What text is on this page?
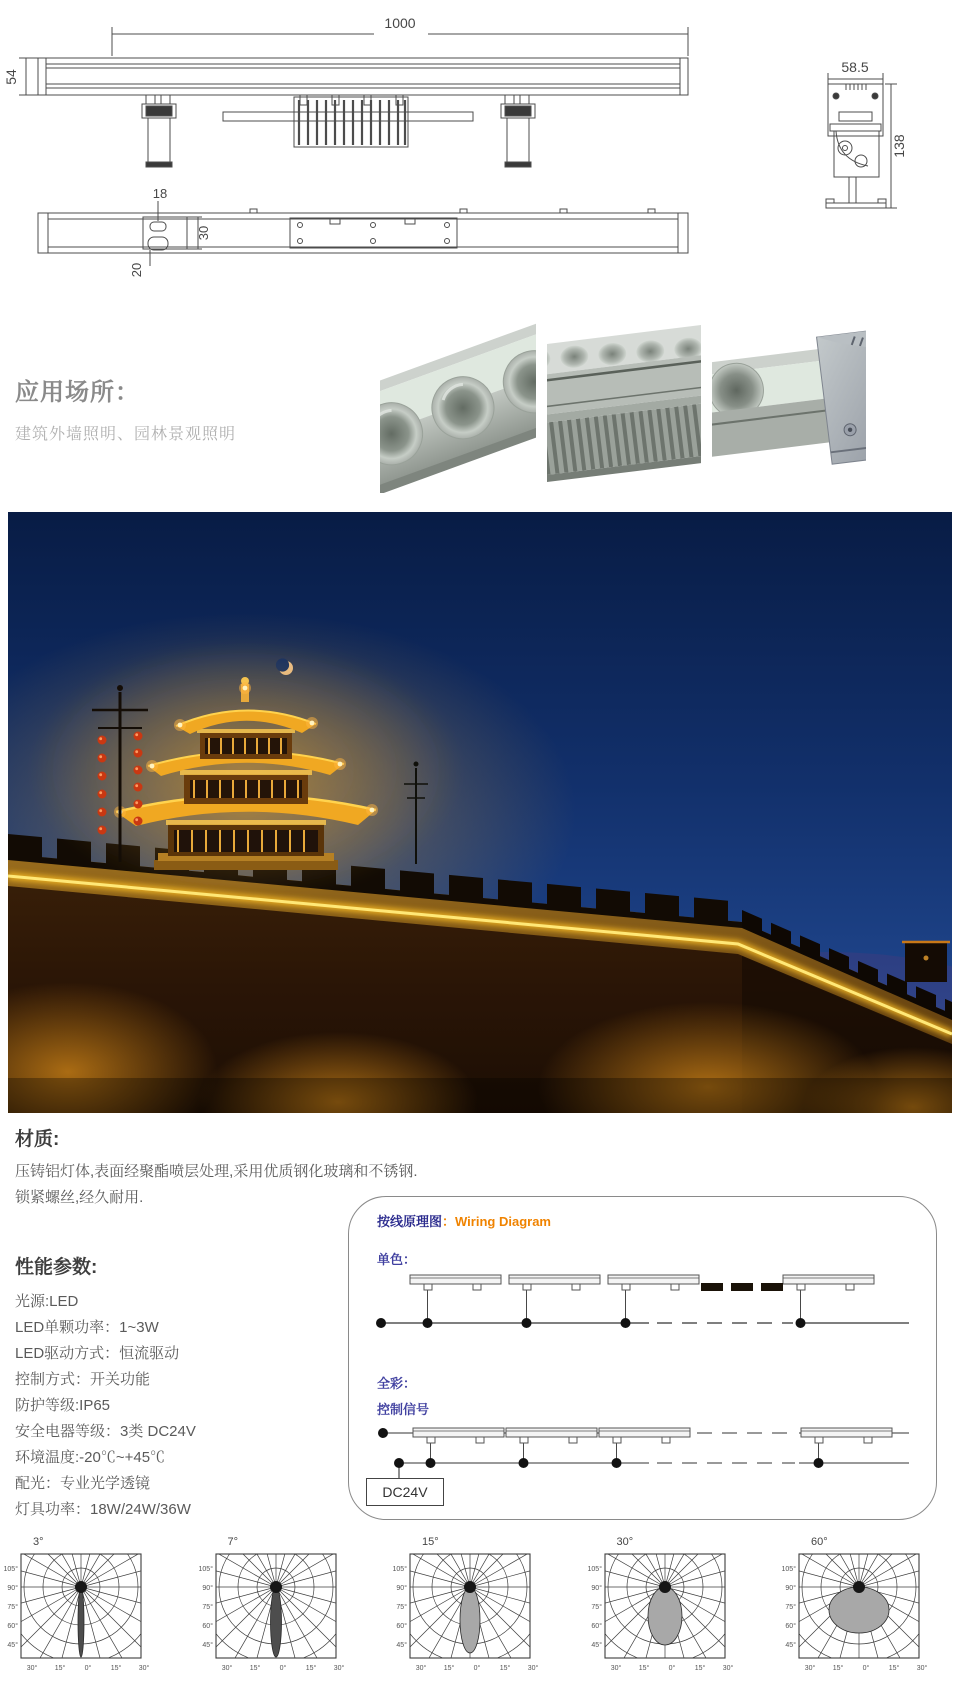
1000
54
58.5
138
18
30
20
应用场所：
建筑外墙照明、园林景观照明
材质:
压铸铝灯体,表面经聚酯喷层处理,采用优质钢化玻璃和不锈钢.
锁紧螺丝,经久耐用.
性能参数:
光源:LED
LED单颗功率：1~3W
LED驱动方式：恒流驱动
控制方式：开关功能
防护等级:IP65
安全电器等级：3类 DC24V
环境温度:-20℃~+45℃
配光：专业光学透镜
灯具功率：18W/24W/36W
按线原理图：Wiring Diagram
单色：
全彩：
控制信号
DC24V
3°
105°
90°
75°
60°
45°
30° 15°	0°	15° 30°
7°
105°
90°
75°
60°
45°
30° 15°	0°	15° 30°
15°
105°
90°
75°
60°
45°
30° 15°	0°	15° 30°
30°
105°
90°
75°
60°
45°
30° 15°	0°	15° 30°
60°
105°
90°
75°
60°
45°
30° 15°	0°	15° 30°
